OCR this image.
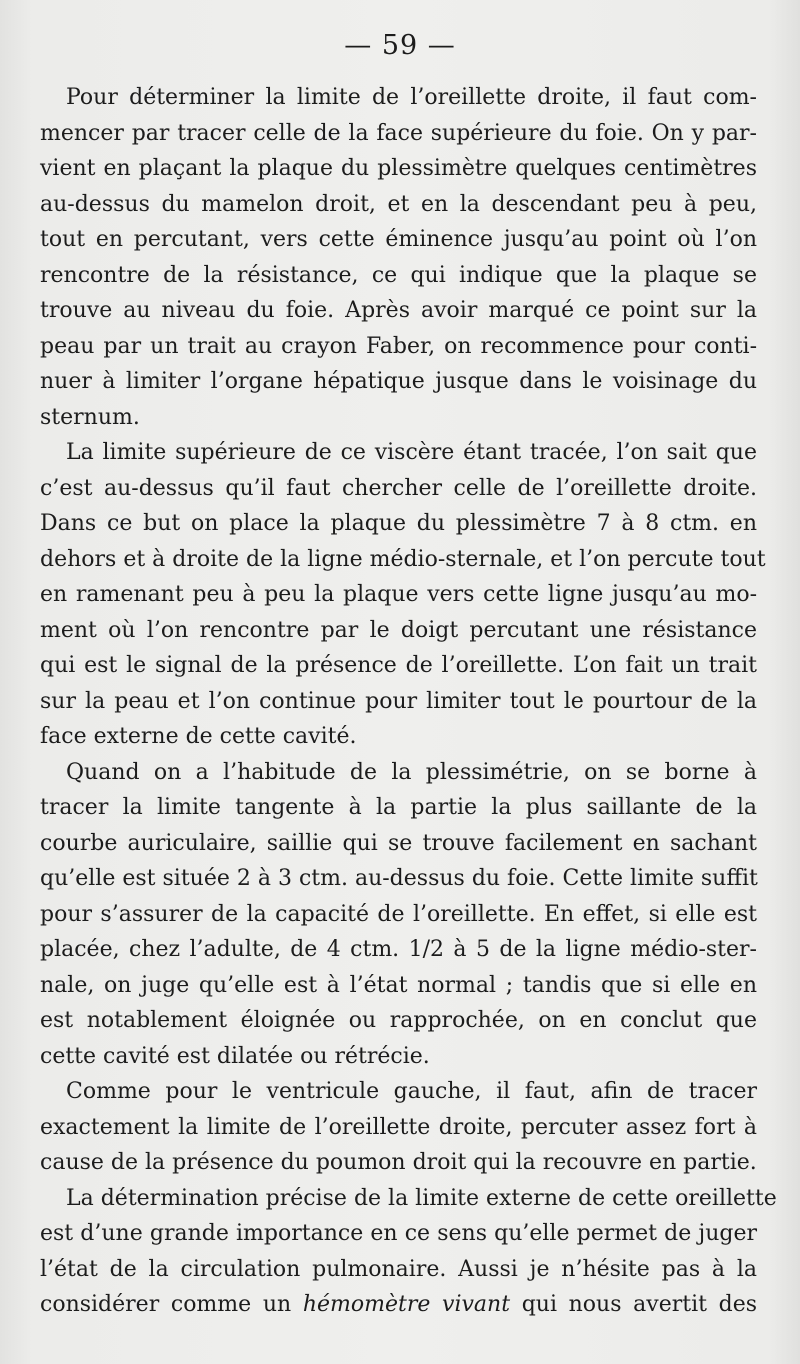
— 59 —
Pour déterminer la limite de l’oreillette droite, il faut com-
mencer par tracer celle de la face supérieure du foie. On y par-
vient en plaçant la plaque du plessimètre quelques centimètres
au-dessus du mamelon droit, et en la descendant peu à peu,
tout en percutant, vers cette éminence jusqu’au point où l’on
rencontre de la résistance, ce qui indique que la plaque se
trouve au niveau du foie. Après avoir marqué ce point sur la
peau par un trait au crayon Faber, on recommence pour conti-
nuer à limiter l’organe hépatique jusque dans le voisinage du
sternum.
La limite supérieure de ce viscère étant tracée, l’on sait que
c’est au-dessus qu’il faut chercher celle de l’oreillette droite.
Dans ce but on place la plaque du plessimètre 7 à 8 ctm. en
dehors et à droite de la ligne médio-sternale, et l’on percute tout
en ramenant peu à peu la plaque vers cette ligne jusqu’au mo-
ment où l’on rencontre par le doigt percutant une résistance
qui est le signal de la présence de l’oreillette. L’on fait un trait
sur la peau et l’on continue pour limiter tout le pourtour de la
face externe de cette cavité.
Quand on a l’habitude de la plessimétrie, on se borne à
tracer la limite tangente à la partie la plus saillante de la
courbe auriculaire, saillie qui se trouve facilement en sachant
qu’elle est située 2 à 3 ctm. au-dessus du foie. Cette limite suffit
pour s’assurer de la capacité de l’oreillette. En effet, si elle est
placée, chez l’adulte, de 4 ctm. 1/2 à 5 de la ligne médio-ster-
nale, on juge qu’elle est à l’état normal ; tandis que si elle en
est notablement éloignée ou rapprochée, on en conclut que
cette cavité est dilatée ou rétrécie.
Comme pour le ventricule gauche, il faut, afin de tracer
exactement la limite de l’oreillette droite, percuter assez fort à
cause de la présence du poumon droit qui la recouvre en partie.
La détermination précise de la limite externe de cette oreillette
est d’une grande importance en ce sens qu’elle permet de juger
l’état de la circulation pulmonaire. Aussi je n’hésite pas à la
considérer comme un hémomètre vivant qui nous avertit des
